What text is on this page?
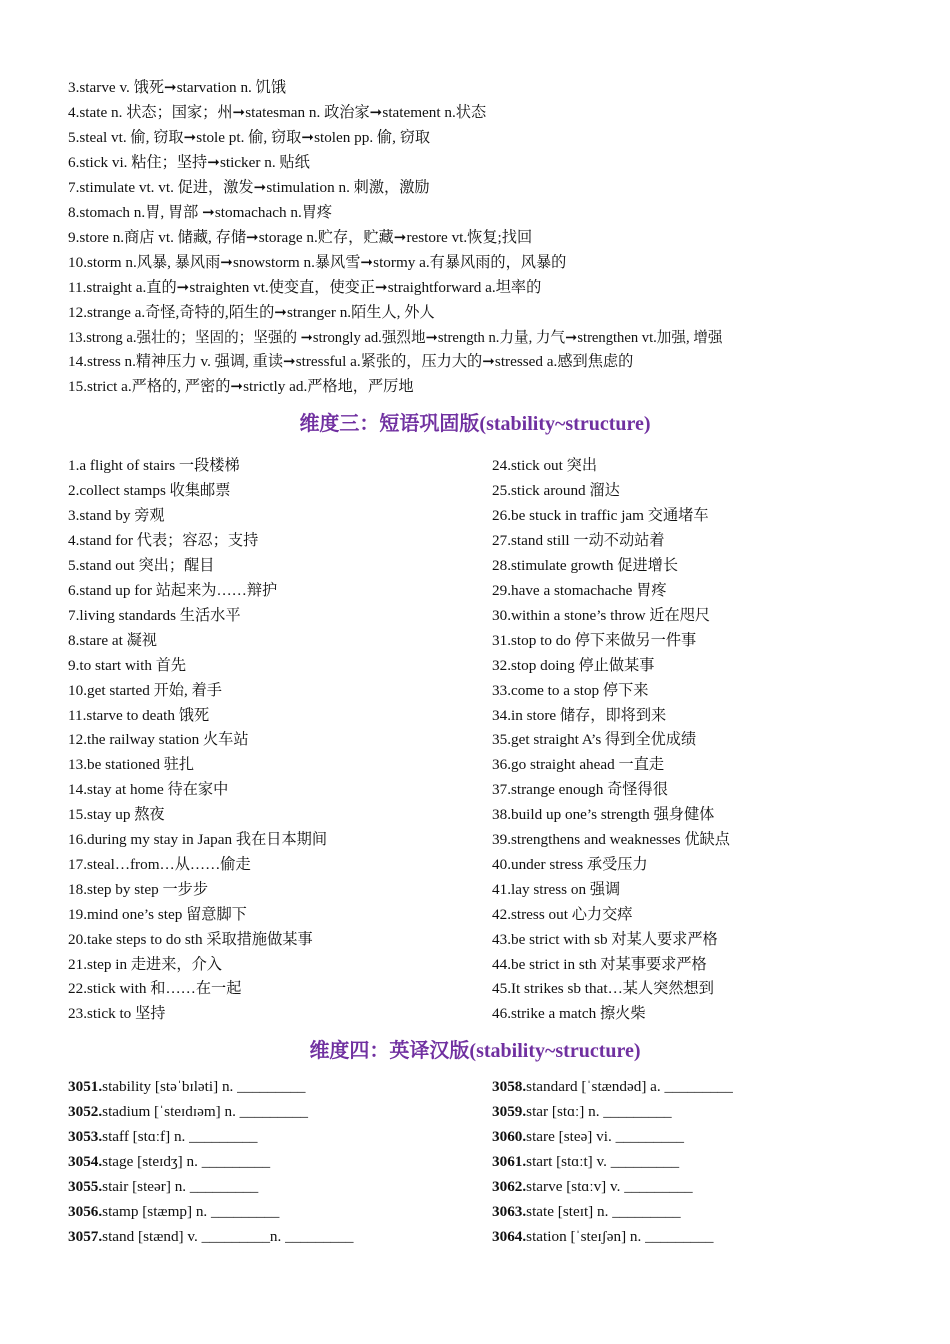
3.starve v. 饿死➞starvation n. 饥饿
4.state n. 状态；国家；州➞statesman n. 政治家➞statement n.状态
5.steal vt. 偷, 窃取➞stole pt. 偷, 窃取➞stolen pp. 偷, 窃取
6.stick vi. 粘住；坚持➞sticker n. 贴纸
7.stimulate vt. vt. 促进，激发➞stimulation n. 刺激，激励
8.stomach n.胃, 胃部 ➞stomachach n.胃疼
9.store n.商店 vt. 储藏, 存储➞storage n.贮存，贮藏➞restore vt.恢复;找回
10.storm n.风暴, 暴风雨➞snowstorm n.暴风雪➞stormy a.有暴风雨的，风暴的
11.straight a.直的➞straighten vt.使变直，使变正➞straightforward a.坦率的
12.strange a.奇怪,奇特的,陌生的➞stranger n.陌生人, 外人
13.strong a.强壮的；坚固的；坚强的 ➞strongly ad.强烈地➞strength n.力量, 力气➞strengthen vt.加强, 增强
14.stress n.精神压力 v. 强调, 重读➞stressful a.紧张的，压力大的➞stressed a.感到焦虑的
15.strict a.严格的, 严密的➞strictly ad.严格地，严厉地
维度三：短语巩固版(stability~structure)
1.a flight of stairs 一段楼梯
2.collect stamps 收集邮票
3.stand by 旁观
4.stand for 代表；容忍；支持
5.stand out 突出；醒目
6.stand up for 站起来为……辩护
7.living standards 生活水平
8.stare at 凝视
9.to start with 首先
10.get started 开始, 着手
11.starve to death 饿死
12.the railway station 火车站
13.be stationed 驻扎
14.stay at home 待在家中
15.stay up 熬夜
16.during my stay in Japan 我在日本期间
17.steal…from…从……偷走
18.step by step 一步步
19.mind one’s step 留意脚下
20.take steps to do sth 采取措施做某事
21.step in 走进来，介入
22.stick with 和……在一起
23.stick to 坚持
24.stick out 突出
25.stick around 溜达
26.be stuck in traffic jam 交通堵车
27.stand still 一动不动站着
28.stimulate growth 促进增长
29.have a stomachache 胃疼
30.within a stone’s throw 近在咫尺
31.stop to do 停下来做另一件事
32.stop doing 停止做某事
33.come to a stop 停下来
34.in store 储存，即将到来
35.get straight A’s 得到全优成绩
36.go straight ahead 一直走
37.strange enough 奇怪得很
38.build up one’s strength 强身健体
39.strengthens and weaknesses 优缺点
40.under stress 承受压力
41.lay stress on 强调
42.stress out 心力交瘁
43.be strict with sb 对某人要求严格
44.be strict in sth 对某事要求严格
45.It strikes sb that…某人突然想到
46.strike a match 擦火柴
维度四：英译汉版(stability~structure)
3051.stability [stəˈbɪləti] n. _________
3052.stadium [ˈsteɪdɪəm] n. _________
3053.staff [stɑːf] n. _________
3054.stage [steɪdʒ] n. _________
3055.stair [steər] n. _________
3056.stamp [stæmp] n. _________
3057.stand [stænd] v. _________n. _________
3058.standard [ˈstændəd] a. _________
3059.star [stɑː] n. _________
3060.stare [steə] vi. _________
3061.start [stɑːt] v. _________
3062.starve [stɑːv] v. _________
3063.state [steɪt] n. _________
3064.station [ˈsteɪʃən] n. _________
